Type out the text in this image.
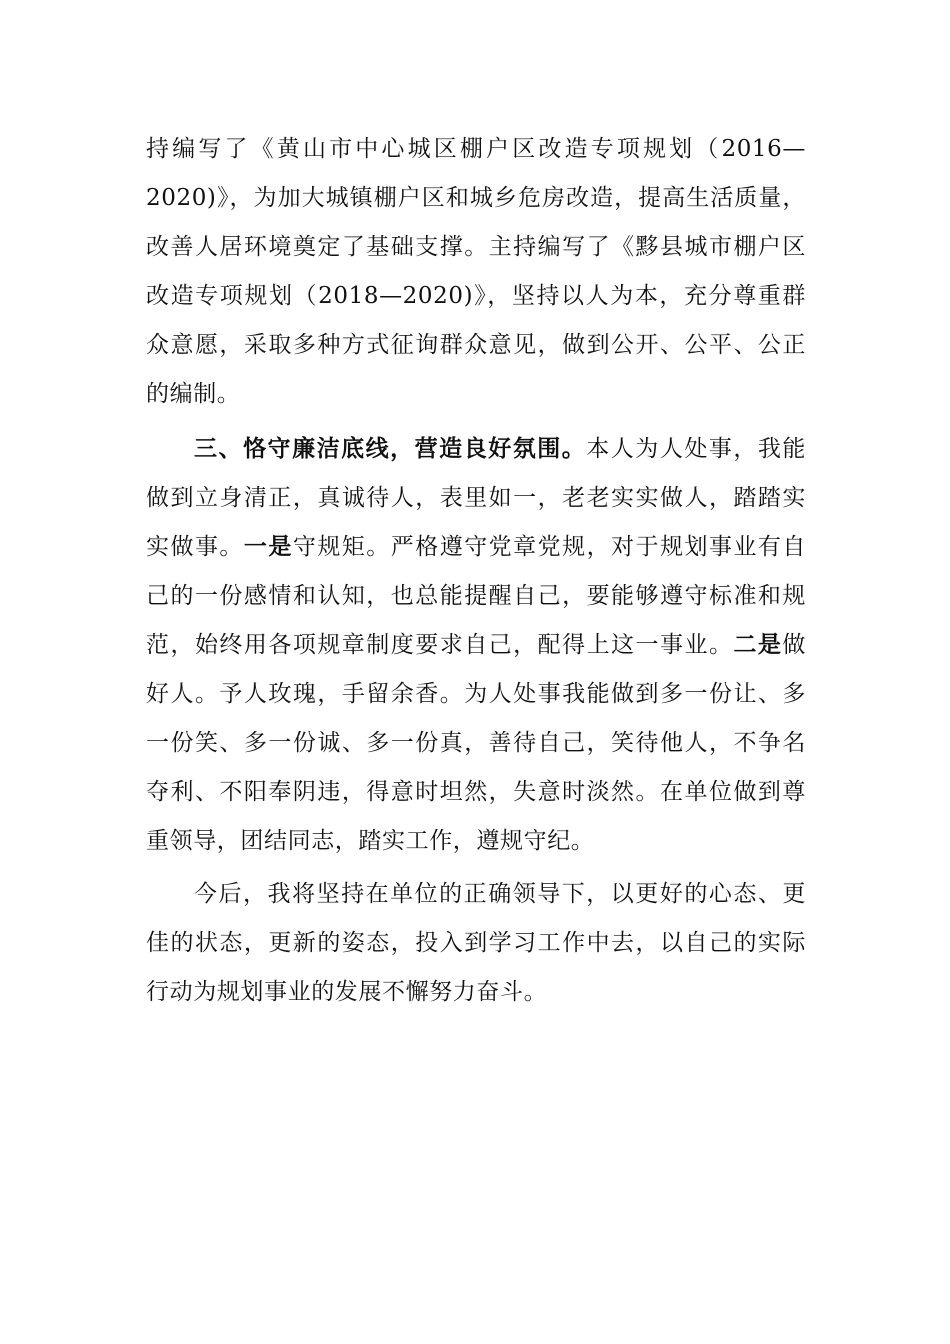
持编写了《黄山市中心城区棚户区改造专项规划（2016—2020)》，为加大城镇棚户区和城乡危房改造，提高生活质量，改善人居环境奠定了基础支撑。主持编写了《黟县城市棚户区改造专项规划（2018—2020)》，坚持以人为本，充分尊重群众意愿，采取多种方式征询群众意见，做到公开、公平、公正的编制。

三、恪守廉洁底线，营造良好氛围。本人为人处事，我能做到立身清正，真诚待人，表里如一，老老实实做人，踏踏实实做事。一是守规矩。严格遵守党章党规，对于规划事业有自己的一份感情和认知，也总能提醒自己，要能够遵守标准和规范，始终用各项规章制度要求自己，配得上这一事业。二是做好人。予人玫瑰，手留余香。为人处事我能做到多一份让、多一份笑、多一份诚、多一份真，善待自己，笑待他人，不争名夺利、不阳奉阴违，得意时坦然，失意时淡然。在单位做到尊重领导，团结同志，踏实工作，遵规守纪。

今后，我将坚持在单位的正确领导下，以更好的心态、更佳的状态，更新的姿态，投入到学习工作中去，以自己的实际行动为规划事业的发展不懈努力奋斗。
